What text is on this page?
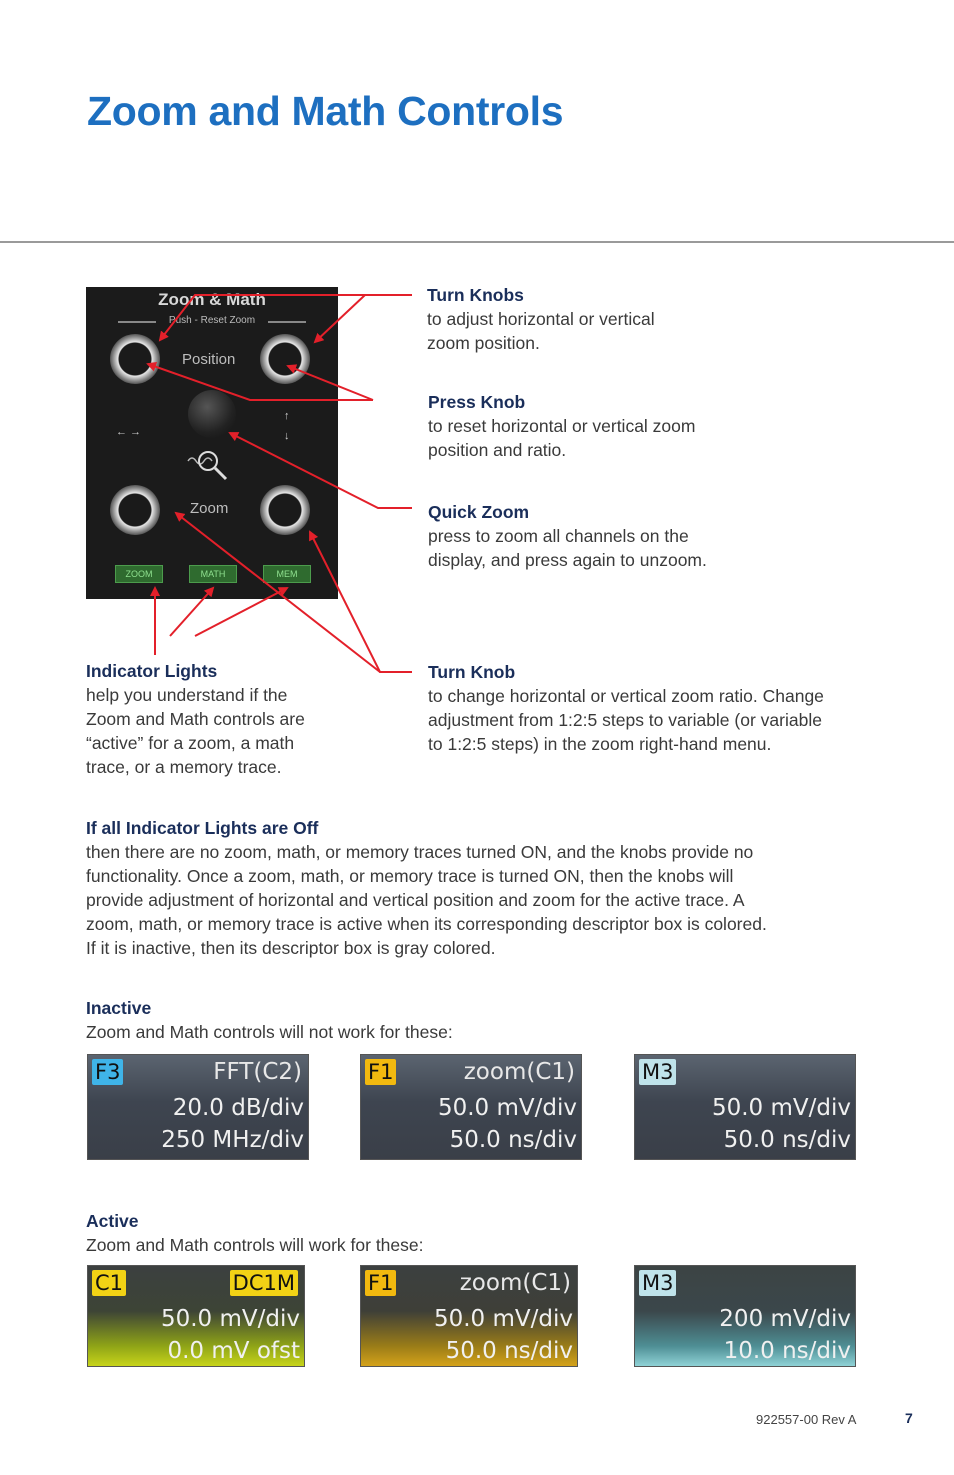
Zoom and Math Controls
Zoom & Math
Push - Reset Zoom
Position
←→
↑

↓
Zoom
ZOOM	MATH	MEM
Turn Knobs
to adjust horizontal or vertical
zoom position.
Press Knob
to reset horizontal or vertical zoom
position and ratio.
Quick Zoom
press to zoom all channels on the
display, and press again to unzoom.
Indicator Lights
help you understand if the
Zoom and Math controls are
“active” for a zoom, a math
trace, or a memory trace.
Turn Knob
to change horizontal or vertical zoom ratio. Change
adjustment from 1:2:5 steps to variable (or variable
to 1:2:5 steps) in the zoom right-hand menu.
If all Indicator Lights are Off
then there are no zoom, math, or memory traces turned ON, and the knobs provide no
functionality. Once a zoom, math, or memory trace is turned ON, then the knobs will
provide adjustment of horizontal and vertical position and zoom for the active trace. A
zoom, math, or memory trace is active when its corresponding descriptor box is colored.
If it is inactive, then its descriptor box is gray colored.
Inactive
Zoom and Math controls will not work for these:
F3	FFT(C2)
20.0 dB/div
250 MHz/div
F1	zoom(C1)
50.0 mV/div
50.0 ns/div
M3
50.0 mV/div
50.0 ns/div
Active
Zoom and Math controls will work for these:
C1	DC1M
50.0 mV/div
0.0 mV ofst
F1	zoom(C1)
50.0 mV/div
50.0 ns/div
M3
200 mV/div
10.0 ns/div
922557-00 Rev A	7
